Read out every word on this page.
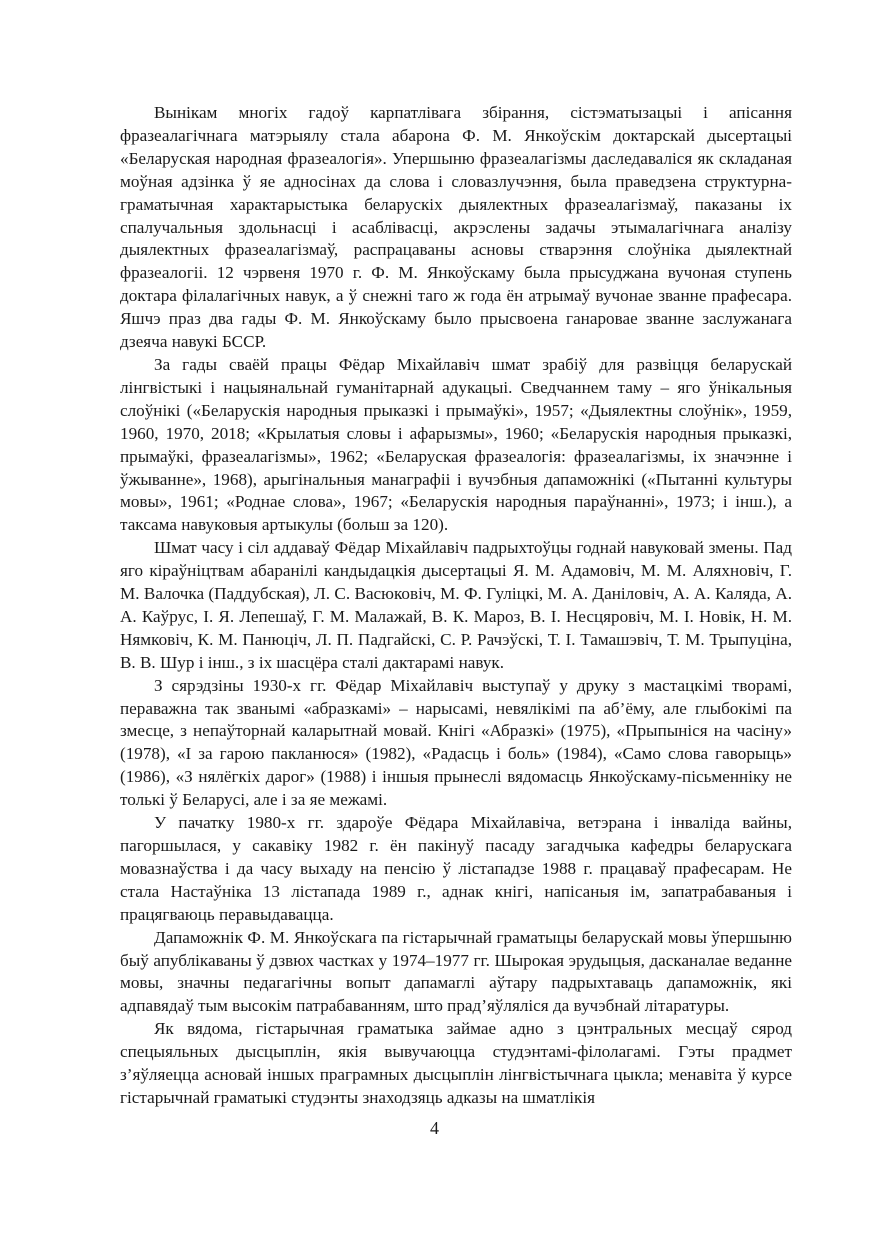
Вынікам многіх гадоў карпатлівага збірання, сістэматызацыі і апісання фразеалагічнага матэрыялу стала абарона Ф. М. Янкоўскім доктарскай дысертацыі «Беларуская народная фразеалогія». Упершыню фразеалагізмы даследаваліся як складаная моўная адзінка ў яе адносінах да слова і словазлучэння, была праведзена структурна-граматычная характарыстыка беларускіх дыялектных фразеалагізмаў, паказаны іх спалучальныя здольнасці і асаблівасці, акрэслены задачы этымалагічнага аналізу дыялектных фразеалагізмаў, распрацаваны асновы стварэння слоўніка дыялектнай фразеалогіі. 12 чэрвеня 1970 г. Ф. М. Янкоўскаму была прысуджана вучоная ступень доктара філалагічных навук, а ў снежні таго ж года ён атрымаў вучонае званне прафесара. Яшчэ праз два гады Ф. М. Янкоўскаму было прысвоена ганаровае званне заслужанага дзеяча навукі БССР.

За гады сваёй працы Фёдар Міхайлавіч шмат зрабіў для развіцця беларускай лінгвістыкі і нацыянальнай гуманітарнай адукацыі. Сведчаннем таму – яго ўнікальныя слоўнікі («Беларускія народныя прыказкі і прымаўкі», 1957; «Дыялектны слоўнік», 1959, 1960, 1970, 2018; «Крылатыя словы і афарызмы», 1960; «Беларускія народныя прыказкі, прымаўкі, фразеалагізмы», 1962; «Беларуская фразеалогія: фразеалагізмы, іх значэнне і ўжыванне», 1968), арыгінальныя манаграфіі і вучэбныя дапаможнікі («Пытанні культуры мовы», 1961; «Роднае слова», 1967; «Беларускія народныя параўнанні», 1973; і інш.), а таксама навуковыя артыкулы (больш за 120).

Шмат часу і сіл аддаваў Фёдар Міхайлавіч падрыхтоўцы годнай навуковай змены. Пад яго кіраўніцтвам абаранілі кандыдацкія дысертацыі Я. М. Адамовіч, М. М. Аляхновіч, Г. М. Валочка (Паддубская), Л. С. Васюковіч, М. Ф. Гуліцкі, М. А. Даніловіч, А. А. Каляда, А. А. Каўрус, І. Я. Лепешаў, Г. М. Малажай, В. К. Мароз, В. І. Несцяровіч, М. І. Новік, Н. М. Нямковіч, К. М. Панюціч, Л. П. Падгайскі, С. Р. Рачэўскі, Т. І. Тамашэвіч, Т. М. Трыпуціна, В. В. Шур і інш., з іх шасцёра сталі дактарамі навук.

З сярэдзіны 1930-х гг. Фёдар Міхайлавіч выступаў у друку з мастацкімі творамі, пераважна так званымі «абразкамі» – нарысамі, невялікімі па аб’ёму, але глыбокімі па змесце, з непаўторнай каларытнай мовай. Кнігі «Абразкі» (1975), «Прыпыніся на часіну» (1978), «І за гарою пакланюся» (1982), «Радасць і боль» (1984), «Само слова гаворыць» (1986), «З нялёгкіх дарог» (1988) і іншыя прынеслі вядомасць Янкоўскаму-пісьменніку не толькі ў Беларусі, але і за яе межамі.

У пачатку 1980-х гг. здароўе Фёдара Міхайлавіча, ветэрана і інваліда вайны, пагоршылася, у сакавіку 1982 г. ён пакінуў пасаду загадчыка кафедры беларускага мовазнаўства і да часу выхаду на пенсію ў лістападзе 1988 г. працаваў прафесарам. Не стала Настаўніка 13 лістапада 1989 г., аднак кнігі, напісаныя ім, запатрабаваныя і працягваюць перавыдавацца.

Дапаможнік Ф. М. Янкоўскага па гістарычнай граматыцы беларускай мовы ўпершыню быў апублікаваны ў дзвюх частках у 1974–1977 гг. Шырокая эрудыцыя, дасканалае веданне мовы, значны педагагічны вопыт дапамаглі аўтару падрыхтаваць дапаможнік, які адпавядаў тым высокім патрабаванням, што прад’яўляліся да вучэбнай літаратуры.

Як вядома, гістарычная граматыка займае адно з цэнтральных месцаў сярод спецыяльных дысцыплін, якія вывучаюцца студэнтамі-філолагамі. Гэты прадмет з’яўляецца асновай іншых праграмных дысцыплін лінгвістычнага цыкла; менавіта ў курсе гістарычнай граматыкі студэнты знаходзяць адказы на шматлікія

4
